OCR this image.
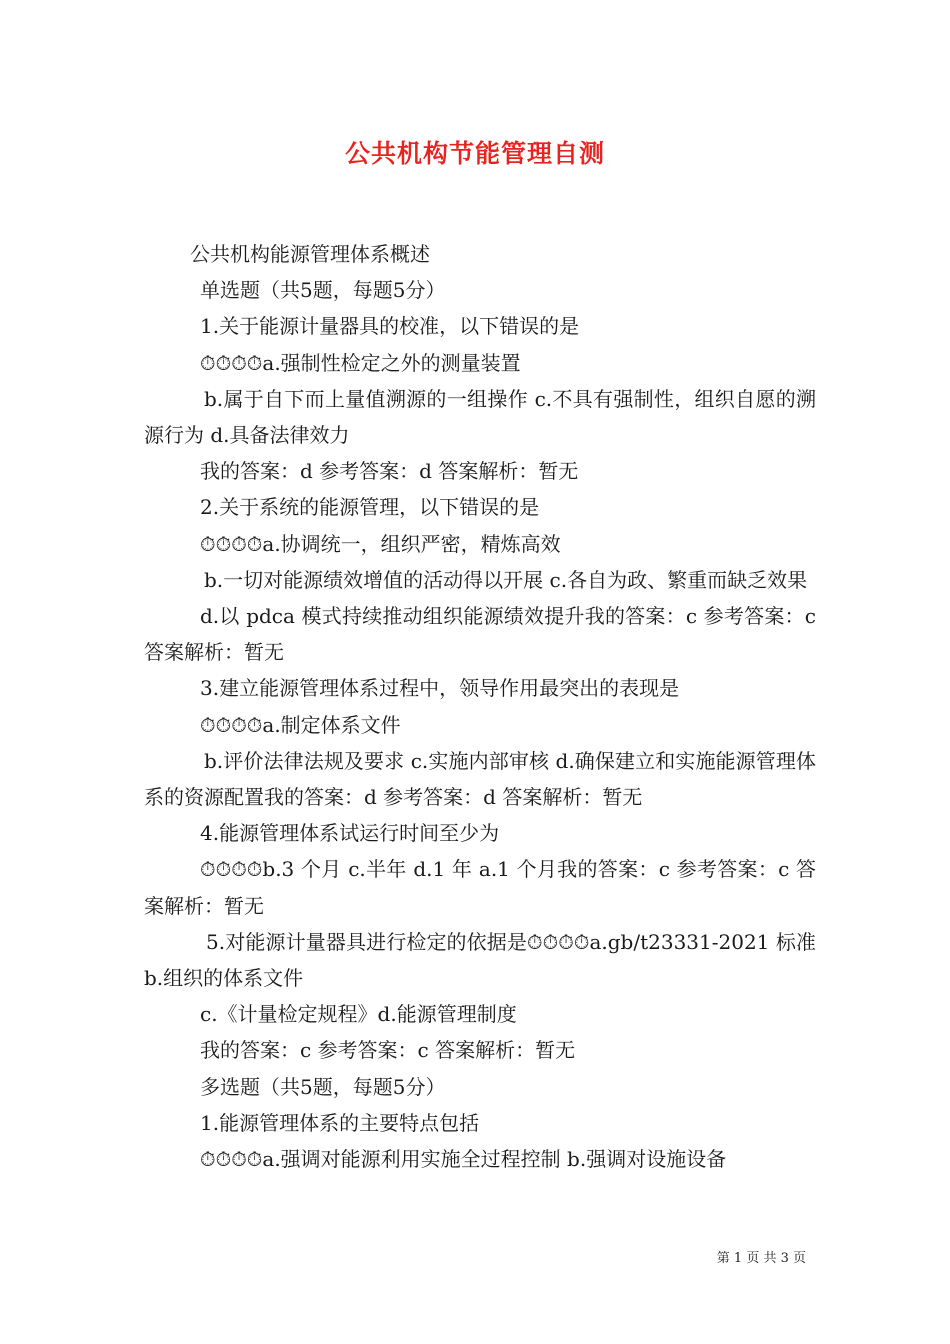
公共机构节能管理自测

公共机构能源管理体系概述

单选题（共5题，每题5分）

1.关于能源计量器具的校准，以下错误的是

⏱⏱⏱⏱a.强制性检定之外的测量装置

b.属于自下而上量值溯源的一组操作 c.不具有强制性，组织自愿的溯源行为 d.具备法律效力

我的答案：d 参考答案：d 答案解析：暂无

2.关于系统的能源管理，以下错误的是

⏱⏱⏱⏱a.协调统一，组织严密，精炼高效

b.一切对能源绩效增值的活动得以开展 c.各自为政、繁重而缺乏效果

d.以 pdca 模式持续推动组织能源绩效提升我的答案：c 参考答案：c 答案解析：暂无

3.建立能源管理体系过程中，领导作用最突出的表现是

⏱⏱⏱⏱a.制定体系文件

b.评价法律法规及要求 c.实施内部审核 d.确保建立和实施能源管理体系的资源配置我的答案：d 参考答案：d 答案解析：暂无

4.能源管理体系试运行时间至少为

⏱⏱⏱⏱b.3 个月 c.半年 d.1 年 a.1 个月我的答案：c 参考答案：c 答案解析：暂无

5.对能源计量器具进行检定的依据是⏱⏱⏱⏱a.gb/t23331-2021 标准 b.组织的体系文件

c.《计量检定规程》d.能源管理制度

我的答案：c 参考答案：c 答案解析：暂无

多选题（共5题，每题5分）

1.能源管理体系的主要特点包括

⏱⏱⏱⏱a.强调对能源利用实施全过程控制 b.强调对设施设备

第 1 页 共 3 页
